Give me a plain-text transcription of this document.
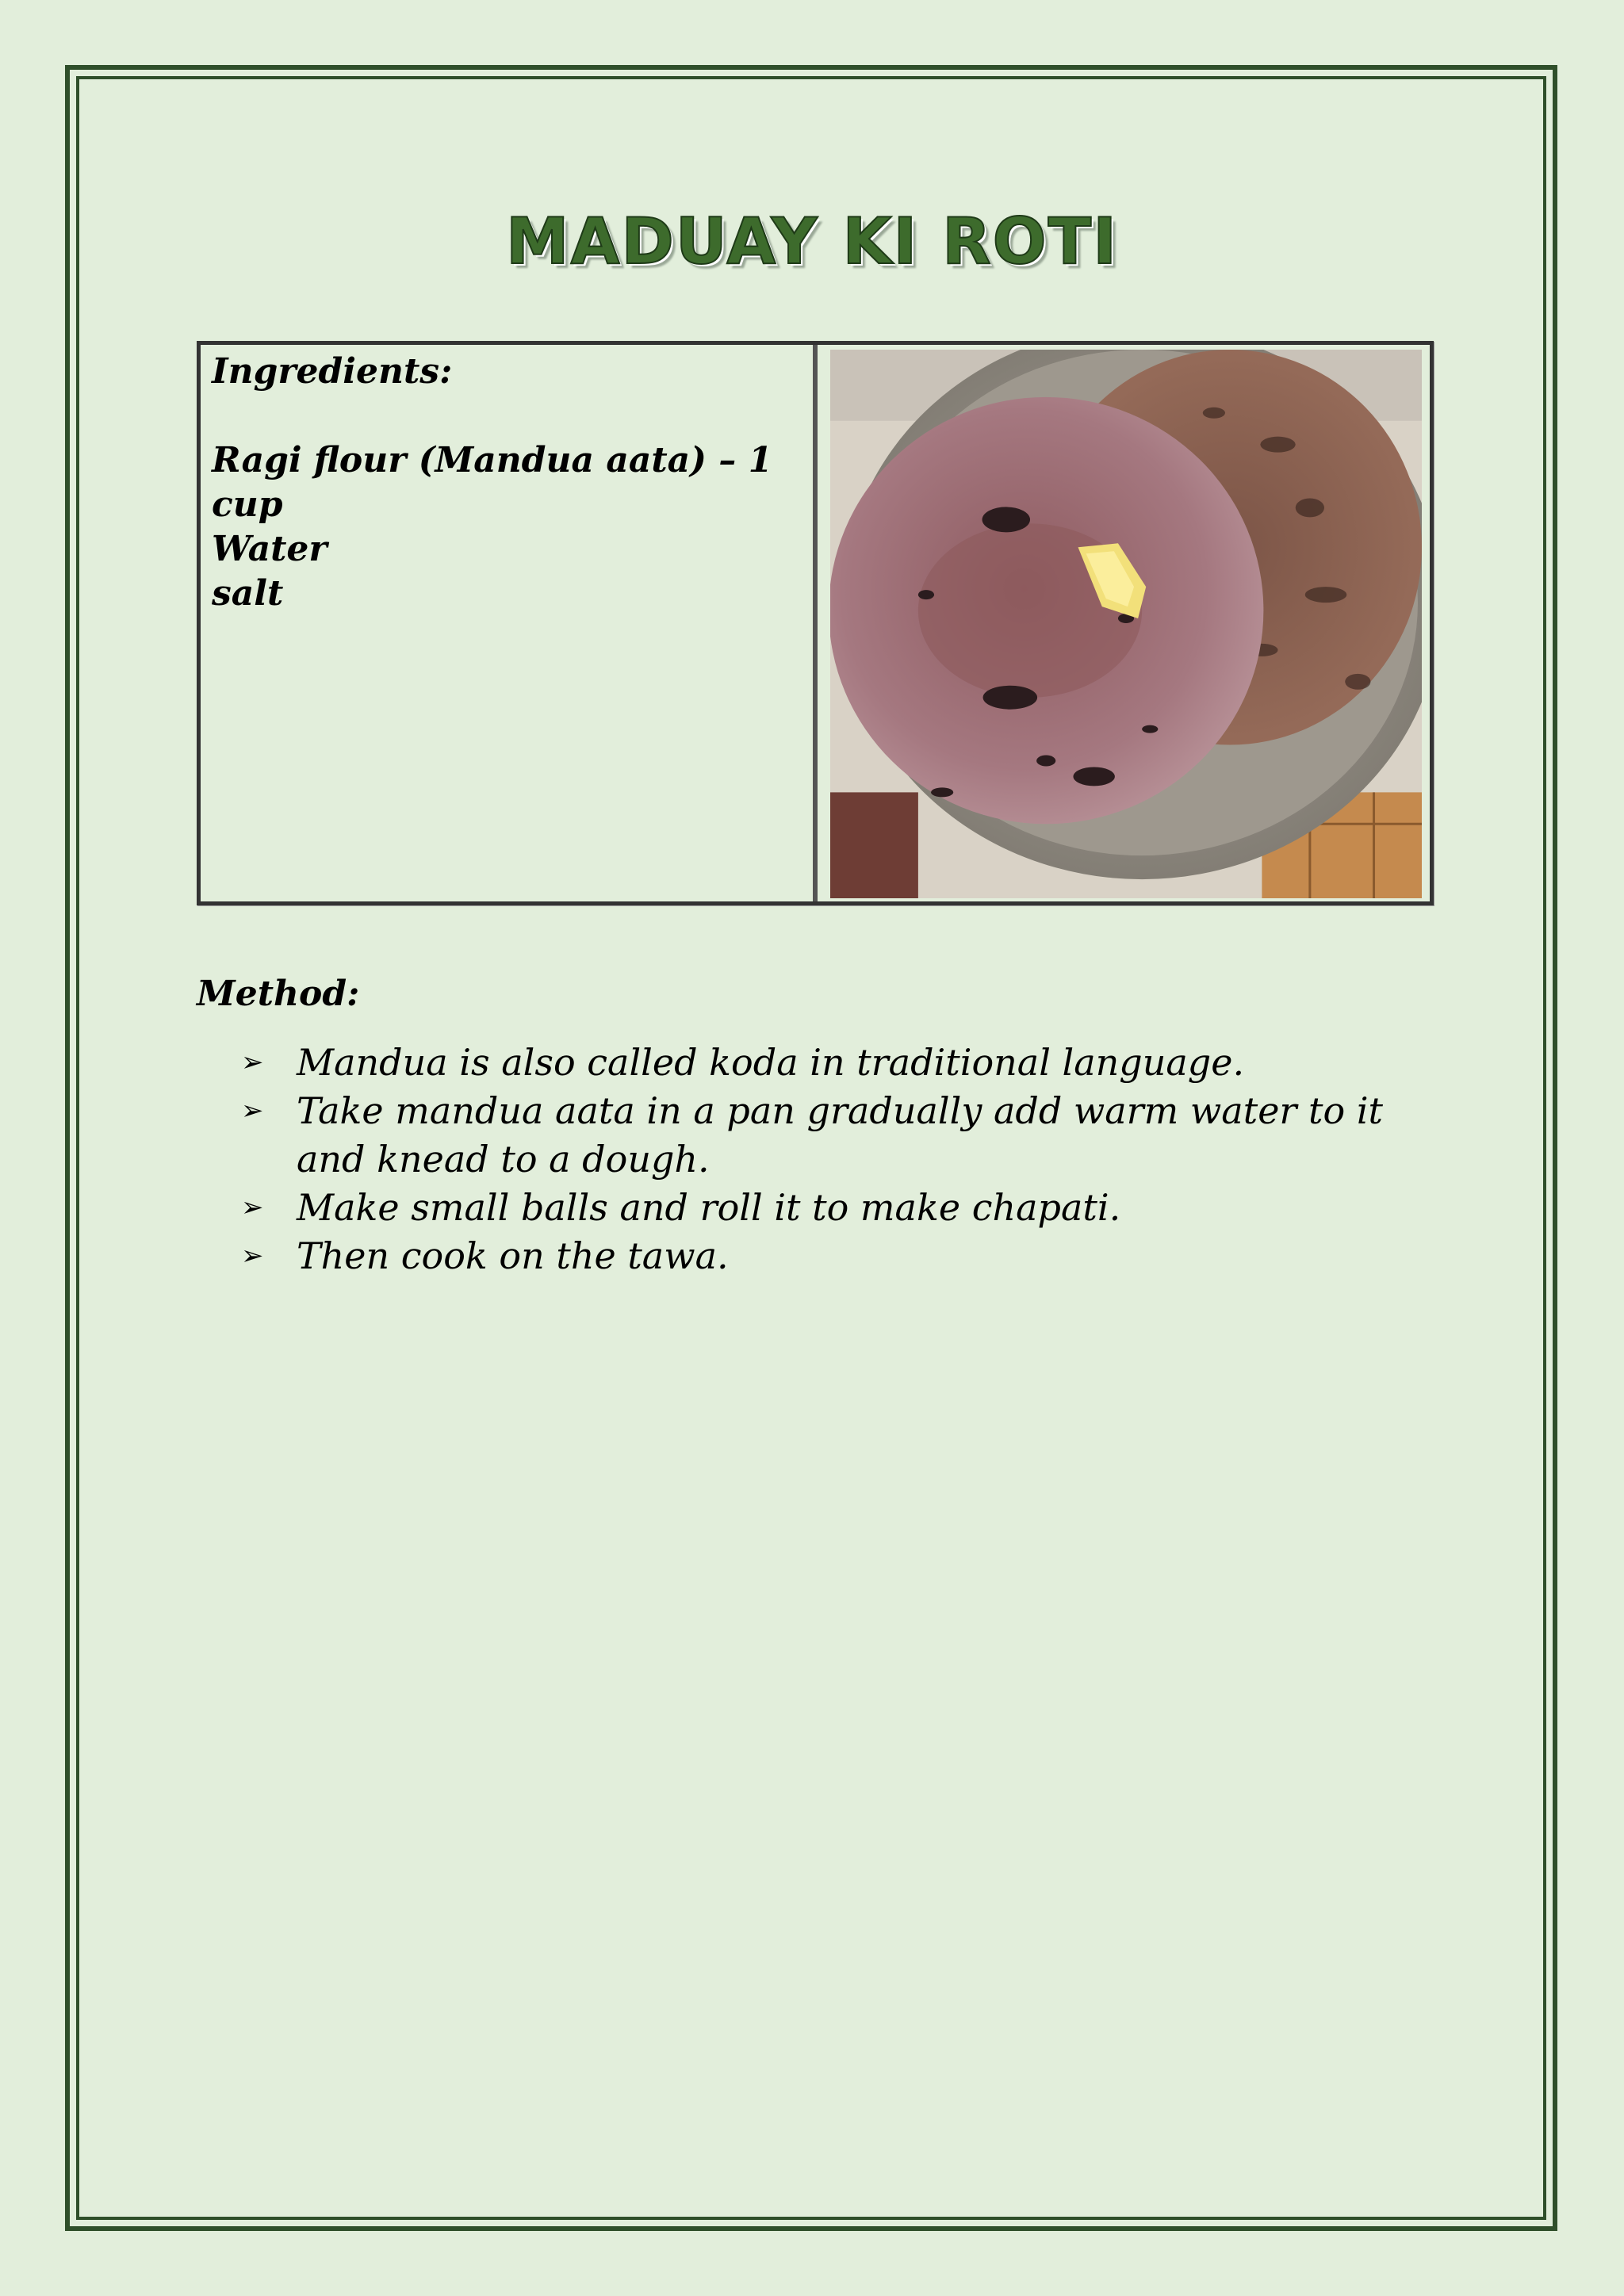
MADUAY KI ROTI
Ingredients:
Ragi flour (Mandua aata) – 1 cup
Water
salt
Method:
➢ Mandua is also called koda in traditional language.
➢ Take mandua aata in a pan gradually add warm water to it and knead to a dough.
➢ Make small balls and roll it to make chapati.
➢ Then cook on the tawa.
